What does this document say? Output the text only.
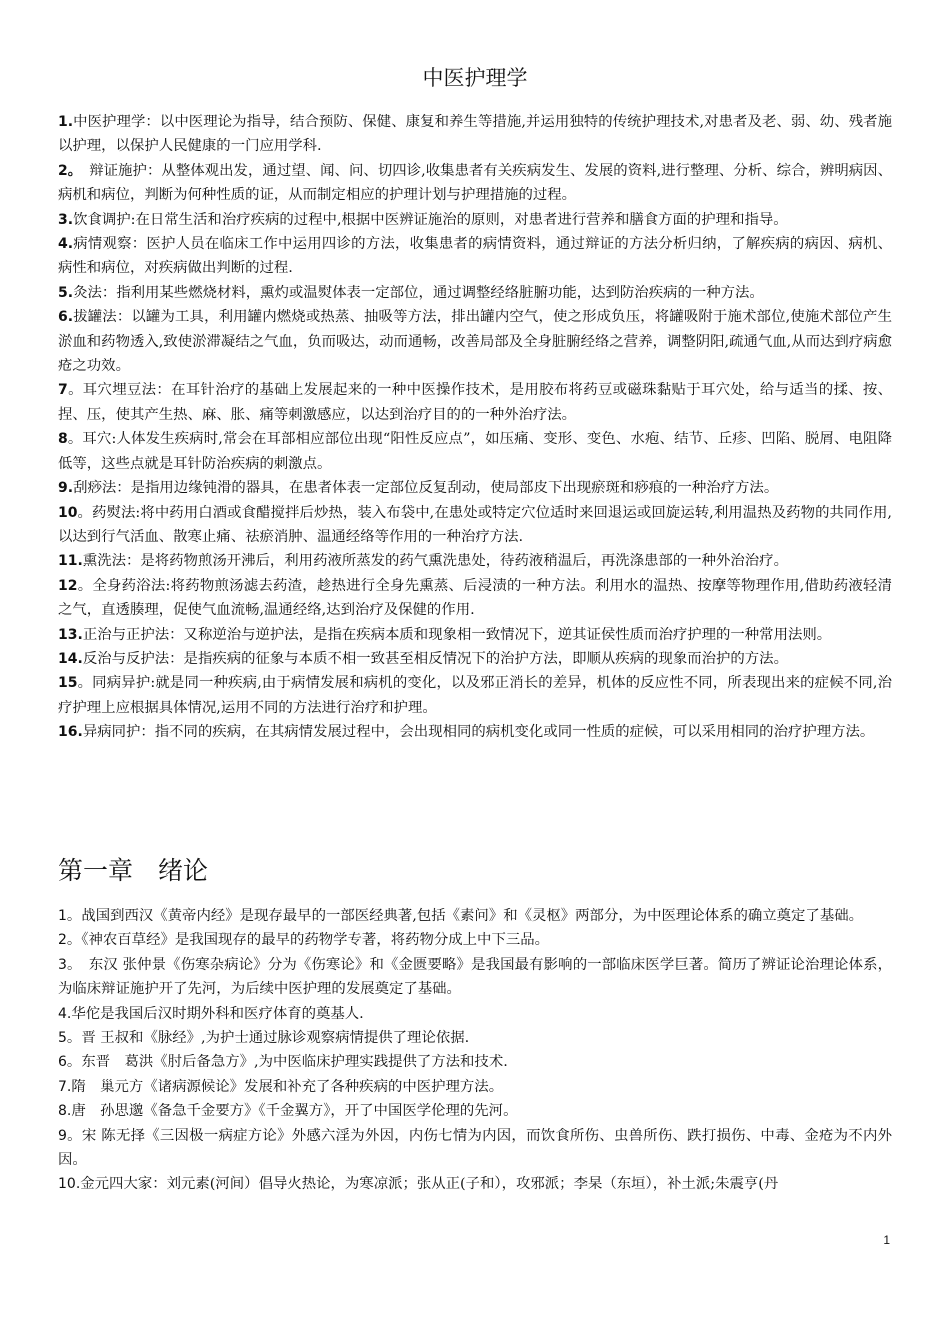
中医护理学
1.中医护理学：以中医理论为指导，结合预防、保健、康复和养生等措施,并运用独特的传统护理技术,对患者及老、弱、幼、残者施以护理，以保护人民健康的一门应用学科.
2。　辩证施护：从整体观出发，通过望、闻、问、切四诊,收集患者有关疾病发生、发展的资料,进行整理、分析、综合，辨明病因、病机和病位，判断为何种性质的证，从而制定相应的护理计划与护理措施的过程。
3.饮食调护:在日常生活和治疗疾病的过程中,根据中医辨证施治的原则，对患者进行营养和膳食方面的护理和指导。
4.病情观察：医护人员在临床工作中运用四诊的方法，收集患者的病情资料，通过辩证的方法分析归纳，了解疾病的病因、病机、病性和病位，对疾病做出判断的过程.
5.灸法：指利用某些燃烧材料，熏灼或温熨体表一定部位，通过调整经络脏腑功能，达到防治疾病的一种方法。
6.拔罐法：以罐为工具，利用罐内燃烧或热蒸、抽吸等方法，排出罐内空气，使之形成负压，将罐吸附于施术部位,使施术部位产生淤血和药物透入,致使淤滞凝结之气血，负而吸达，动而通畅，改善局部及全身脏腑经络之营养，调整阴阳,疏通气血,从而达到疗病愈疮之功效。
7。耳穴埋豆法：在耳针治疗的基础上发展起来的一种中医操作技术，是用胶布将药豆或磁珠黏贴于耳穴处，给与适当的揉、按、捏、压，使其产生热、麻、胀、痛等刺激感应，以达到治疗目的的一种外治疗法。
8。耳穴:人体发生疾病时,常会在耳部相应部位出现“阳性反应点”，如压痛、变形、变色、水疱、结节、丘疹、凹陷、脱屑、电阻降低等，这些点就是耳针防治疾病的刺激点。
9.刮痧法：是指用边缘钝滑的器具，在患者体表一定部位反复刮动，使局部皮下出现瘀斑和痧痕的一种治疗方法。
10。药熨法:将中药用白酒或食醋搅拌后炒热，装入布袋中,在患处或特定穴位适时来回退运或回旋运转,利用温热及药物的共同作用,以达到行气活血、散寒止痛、祛瘀消肿、温通经络等作用的一种治疗方法.
11.熏洗法：是将药物煎汤开沸后，利用药液所蒸发的药气熏洗患处，待药液稍温后，再洗涤患部的一种外治治疗。
12。全身药浴法:将药物煎汤滤去药渣，趁热进行全身先熏蒸、后浸渍的一种方法。利用水的温热、按摩等物理作用,借助药液轻清之气，直透腠理，促使气血流畅,温通经络,达到治疗及保健的作用.
13.正治与正护法：又称逆治与逆护法，是指在疾病本质和现象相一致情况下，逆其证侯性质而治疗护理的一种常用法则。
14.反治与反护法：是指疾病的征象与本质不相一致甚至相反情况下的治护方法，即顺从疾病的现象而治护的方法。
15。同病异护:就是同一种疾病,由于病情发展和病机的变化，以及邪正消长的差异，机体的反应性不同，所表现出来的症候不同,治疗护理上应根据具体情况,运用不同的方法进行治疗和护理。
16.异病同护：指不同的疾病，在其病情发展过程中，会出现相同的病机变化或同一性质的症候，可以采用相同的治疗护理方法。
第一章　绪论
1。战国到西汉《黄帝内经》是现存最早的一部医经典著,包括《素问》和《灵枢》两部分，为中医理论体系的确立奠定了基础。
2。《神农百草经》是我国现存的最早的药物学专著，将药物分成上中下三品。
3。　东汉 张仲景《伤寒杂病论》分为《伤寒论》和《金匮要略》是我国最有影响的一部临床医学巨著。简历了辨证论治理论体系，为临床辩证施护开了先河，为后续中医护理的发展奠定了基础。
4.华佗是我国后汉时期外科和医疗体育的奠基人.
5。晋 王叔和《脉经》,为护士通过脉诊观察病情提供了理论依据.
6。东晋　葛洪《肘后备急方》,为中医临床护理实践提供了方法和技术.
7.隋　巢元方《诸病源候论》发展和补充了各种疾病的中医护理方法。
8.唐　孙思邈《备急千金要方》《千金翼方》，开了中国医学伦理的先河。
9。宋 陈无择《三因极一病症方论》外感六淫为外因，内伤七情为内因，而饮食所伤、虫兽所伤、跌打损伤、中毒、金疮为不内外因。
10.金元四大家：刘元素(河间）倡导火热论，为寒凉派；张从正(子和），攻邪派；李杲（东垣），补土派;朱震亨(丹
1
